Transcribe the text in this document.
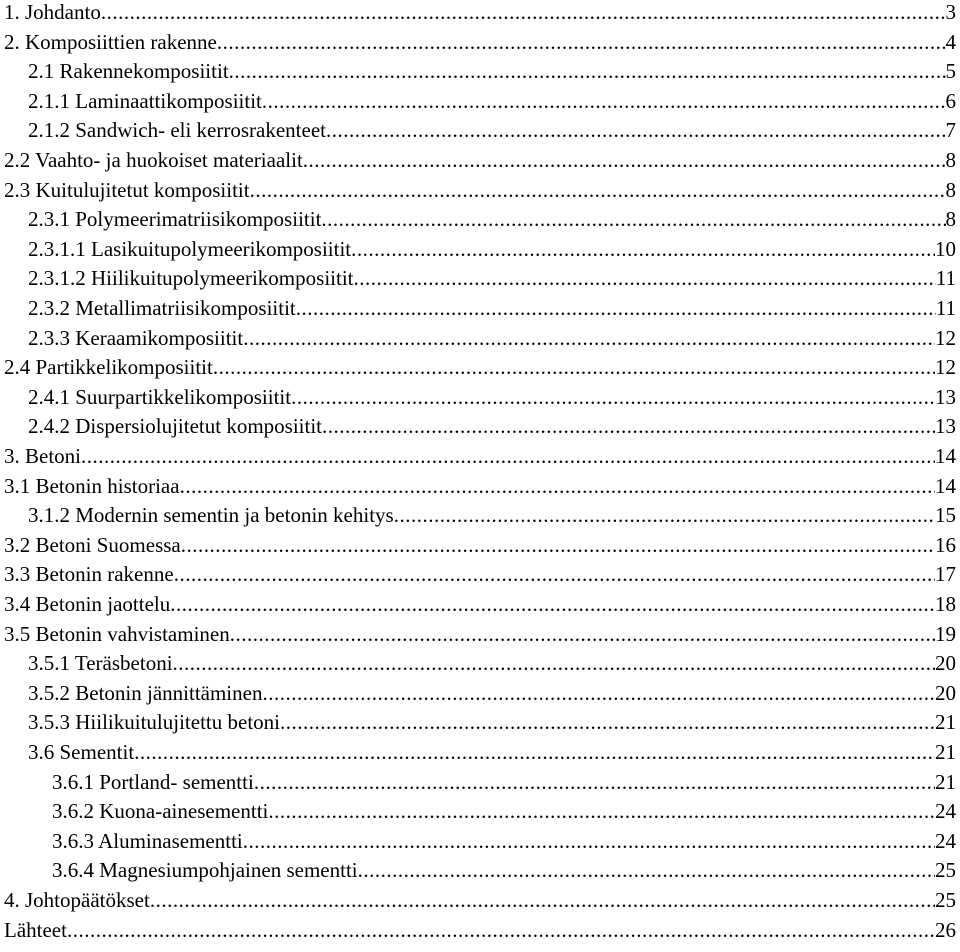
1. Johdanto .....	3
2. Komposiittien rakenne .....	4
2.1 Rakennekomposiitit .....	5
2.1.1 Laminaattikomposiitit .....	6
2.1.2 Sandwich- eli kerrosrakenteet .....	7
2.2 Vaahto- ja huokoiset materiaalit .....	8
2.3 Kuitulujitetut komposiitit .....	8
2.3.1 Polymeerimatriisikomposiitit .....	8
2.3.1.1 Lasikuitupolymeerikomposiitit .....	10
2.3.1.2 Hiilikuitupolymeerikomposiitit .....	11
2.3.2 Metallimatriisikomposiitit .....	11
2.3.3 Keraamikomposiitit .....	12
2.4 Partikkelikomposiitit .....	12
2.4.1 Suurpartikkelikomposiitit .....	13
2.4.2 Dispersiolujitetut komposiitit .....	13
3. Betoni .....	14
3.1 Betonin historiaa .....	14
3.1.2 Modernin sementin ja betonin kehitys .....	15
3.2 Betoni Suomessa .....	16
3.3 Betonin rakenne .....	17
3.4 Betonin jaottelu .....	18
3.5 Betonin vahvistaminen .....	19
3.5.1 Teräsbetoni .....	20
3.5.2 Betonin jännittäminen .....	20
3.5.3 Hiilikuitulujitettu betoni .....	21
3.6 Sementit .....	21
3.6.1 Portland- sementti .....	21
3.6.2 Kuona-ainesementti .....	24
3.6.3 Aluminasementti .....	24
3.6.4 Magnesiumpohjainen sementti .....	25
4. Johtopäätökset .....	25
Lähteet .....	26
